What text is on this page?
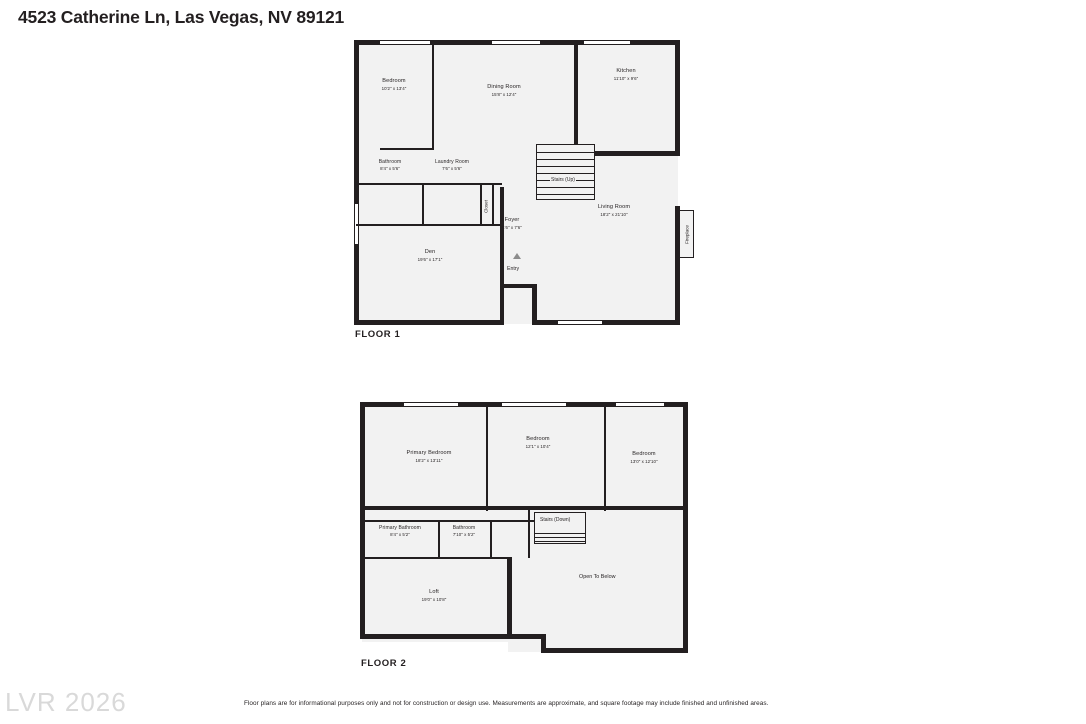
4523 Catherine Ln, Las Vegas, NV 89121
Stairs (Up)
Fireplace
Closet
Entry
Bedroom
10'2" x 13'4"	Dining Room
15'8" x 12'4"
Kitchen
11'10" x 9'6"
Bathroom
8'4" x 5'6"
Laundry Room
7'6" x 5'6"
Living Room
18'2" x 21'10"
Foyer
4'6" x 7'6"
Den
19'6" x 17'1"
FLOOR 1
Stairs (Down)
Open To Below
Primary Bedroom
18'2" x 13'11"
Bedroom
12'1" x 10'4"
Bedroom
13'0" x 12'10"
Primary Bathroom
8'4" x 5'2"
Bathroom
7'10" x 5'2"
Loft
19'0" x 10'8"
FLOOR 2
LVR 2026	Floor plans are for informational purposes only and not for construction or design use. Measurements are approximate, and square footage may include finished and unfinished areas.
